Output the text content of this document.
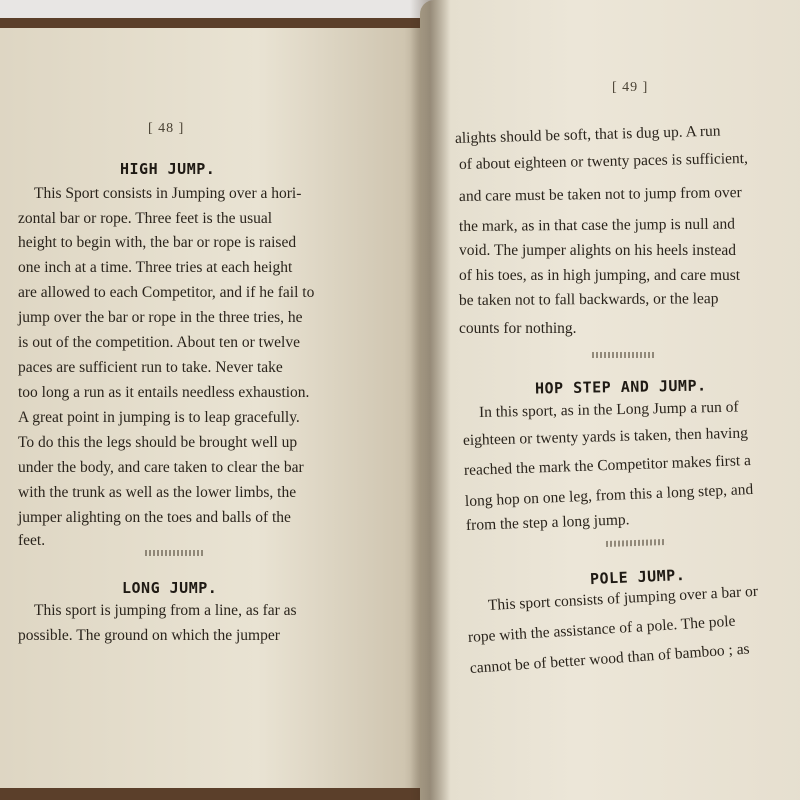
[ 48 ]
HIGH JUMP.
This Sport consists in Jumping over a hori-
zontal bar or rope. Three feet is the usual
height to begin with, the bar or rope is raised
one inch at a time. Three tries at each height
are allowed to each Competitor, and if he fail to
jump over the bar or rope in the three tries, he
is out of the competition. About ten or twelve
paces are sufficient run to take. Never take
too long a run as it entails needless exhaustion.
A great point in jumping is to leap gracefully.
To do this the legs should be brought well up
under the body, and care taken to clear the bar
with the trunk as well as the lower limbs, the
jumper alighting on the toes and balls of the
feet.
LONG JUMP.
This sport is jumping from a line, as far as
possible. The ground on which the jumper
[ 49 ]
alights should be soft, that is dug up. A run
of about eighteen or twenty paces is sufficient,
and care must be taken not to jump from over
the mark, as in that case the jump is null and
void. The jumper alights on his heels instead
of his toes, as in high jumping, and care must
be taken not to fall backwards, or the leap
counts for nothing.
HOP STEP AND JUMP.
In this sport, as in the Long Jump a run of
eighteen or twenty yards is taken, then having
reached the mark the Competitor makes first a
long hop on one leg, from this a long step, and
from the step a long jump.
POLE JUMP.
This sport consists of jumping over a bar or
rope with the assistance of a pole. The pole
cannot be of better wood than of bamboo ; as
